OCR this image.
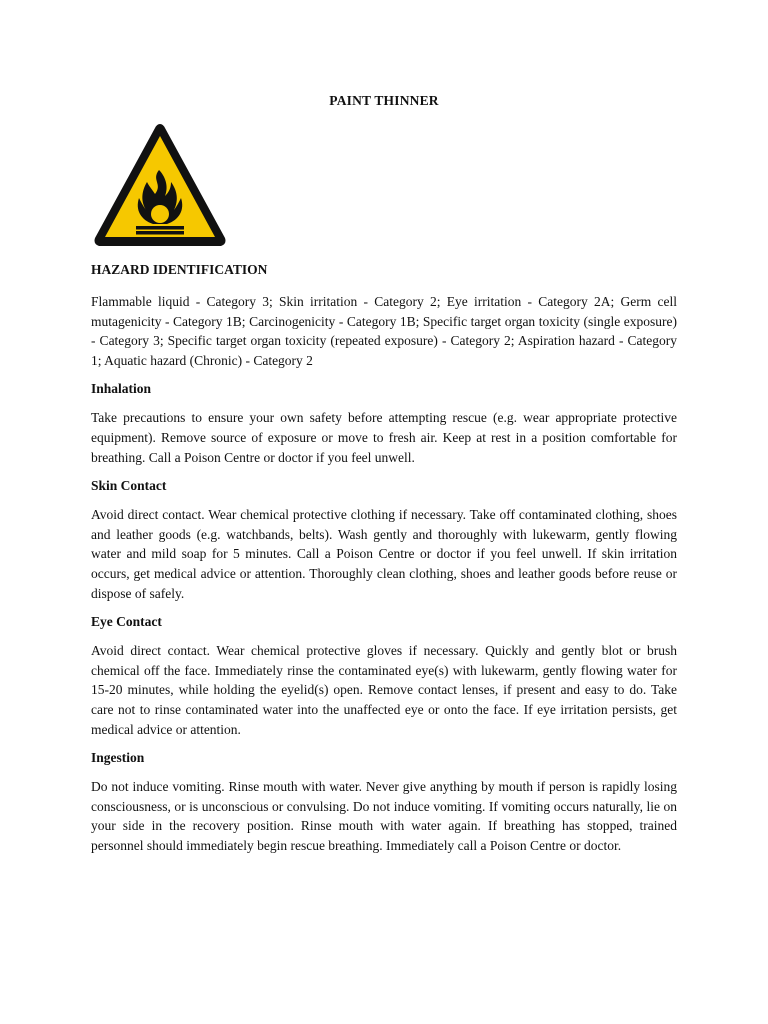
PAINT THINNER
HAZARD IDENTIFICATION

Flammable liquid - Category 3; Skin irritation - Category 2; Eye irritation - Category 2A; Germ cell mutagenicity - Category 1B; Carcinogenicity - Category 1B; Specific target organ toxicity (single exposure) - Category 3; Specific target organ toxicity (repeated exposure) - Category 2; Aspiration hazard - Category 1; Aquatic hazard (Chronic) - Category 2

Inhalation

Take precautions to ensure your own safety before attempting rescue (e.g. wear appropriate protective equipment). Remove source of exposure or move to fresh air. Keep at rest in a position comfortable for breathing. Call a Poison Centre or doctor if you feel unwell.

Skin Contact

Avoid direct contact. Wear chemical protective clothing if necessary. Take off contaminated clothing, shoes and leather goods (e.g. watchbands, belts). Wash gently and thoroughly with lukewarm, gently flowing water and mild soap for 5 minutes. Call a Poison Centre or doctor if you feel unwell. If skin irritation occurs, get medical advice or attention. Thoroughly clean clothing, shoes and leather goods before reuse or dispose of safely.

Eye Contact

Avoid direct contact. Wear chemical protective gloves if necessary. Quickly and gently blot or brush chemical off the face. Immediately rinse the contaminated eye(s) with lukewarm, gently flowing water for 15-20 minutes, while holding the eyelid(s) open. Remove contact lenses, if present and easy to do. Take care not to rinse contaminated water into the unaffected eye or onto the face. If eye irritation persists, get medical advice or attention.

Ingestion

Do not induce vomiting. Rinse mouth with water. Never give anything by mouth if person is rapidly losing consciousness, or is unconscious or convulsing. Do not induce vomiting. If vomiting occurs naturally, lie on your side in the recovery position. Rinse mouth with water again. If breathing has stopped, trained personnel should immediately begin rescue breathing. Immediately call a Poison Centre or doctor.
